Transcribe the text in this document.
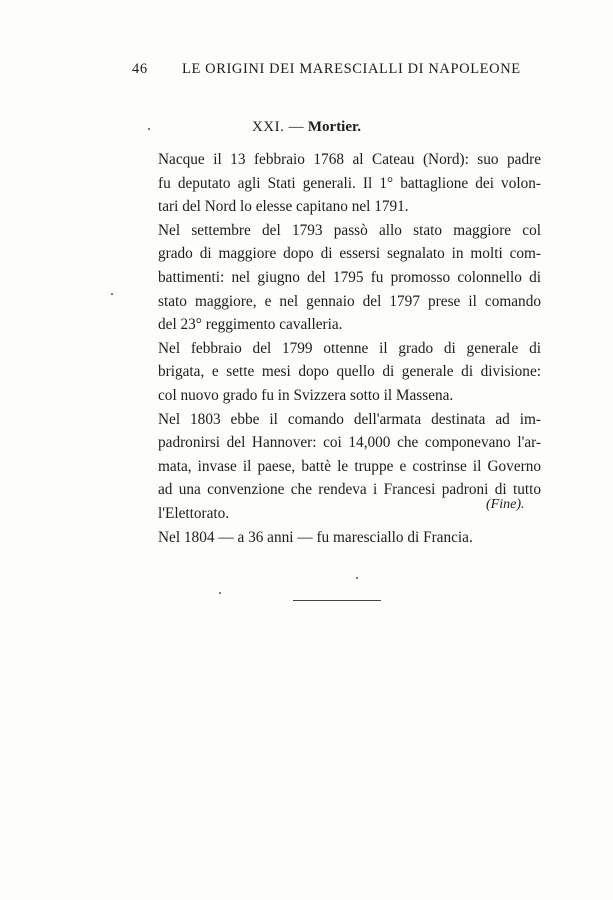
46 LE ORIGINI DEI MARESCIALLI DI NAPOLEONE
XXI. — Mortier.

Nacque il 13 febbraio 1768 al Cateau (Nord): suo padre
fu deputato agli Stati generali. Il 1° battaglione dei volon-
tari del Nord lo elesse capitano nel 1791.

Nel settembre del 1793 passò allo stato maggiore col
grado di maggiore dopo di essersi segnalato in molti com-
battimenti: nel giugno del 1795 fu promosso colonnello di
stato maggiore, e nel gennaio del 1797 prese il comando
del 23° reggimento cavalleria.

Nel febbraio del 1799 ottenne il grado di generale di
brigata, e sette mesi dopo quello di generale di divisione:
col nuovo grado fu in Svizzera sotto il Massena.

Nel 1803 ebbe il comando dell'armata destinata ad im-
padronirsi del Hannover: coi 14,000 che componevano l'ar-
mata, invase il paese, battè le truppe e costrinse il Governo
ad una convenzione che rendeva i Francesi padroni di tutto
l'Elettorato.

Nel 1804 — a 36 anni — fu maresciallo di Francia.

(Fine).
